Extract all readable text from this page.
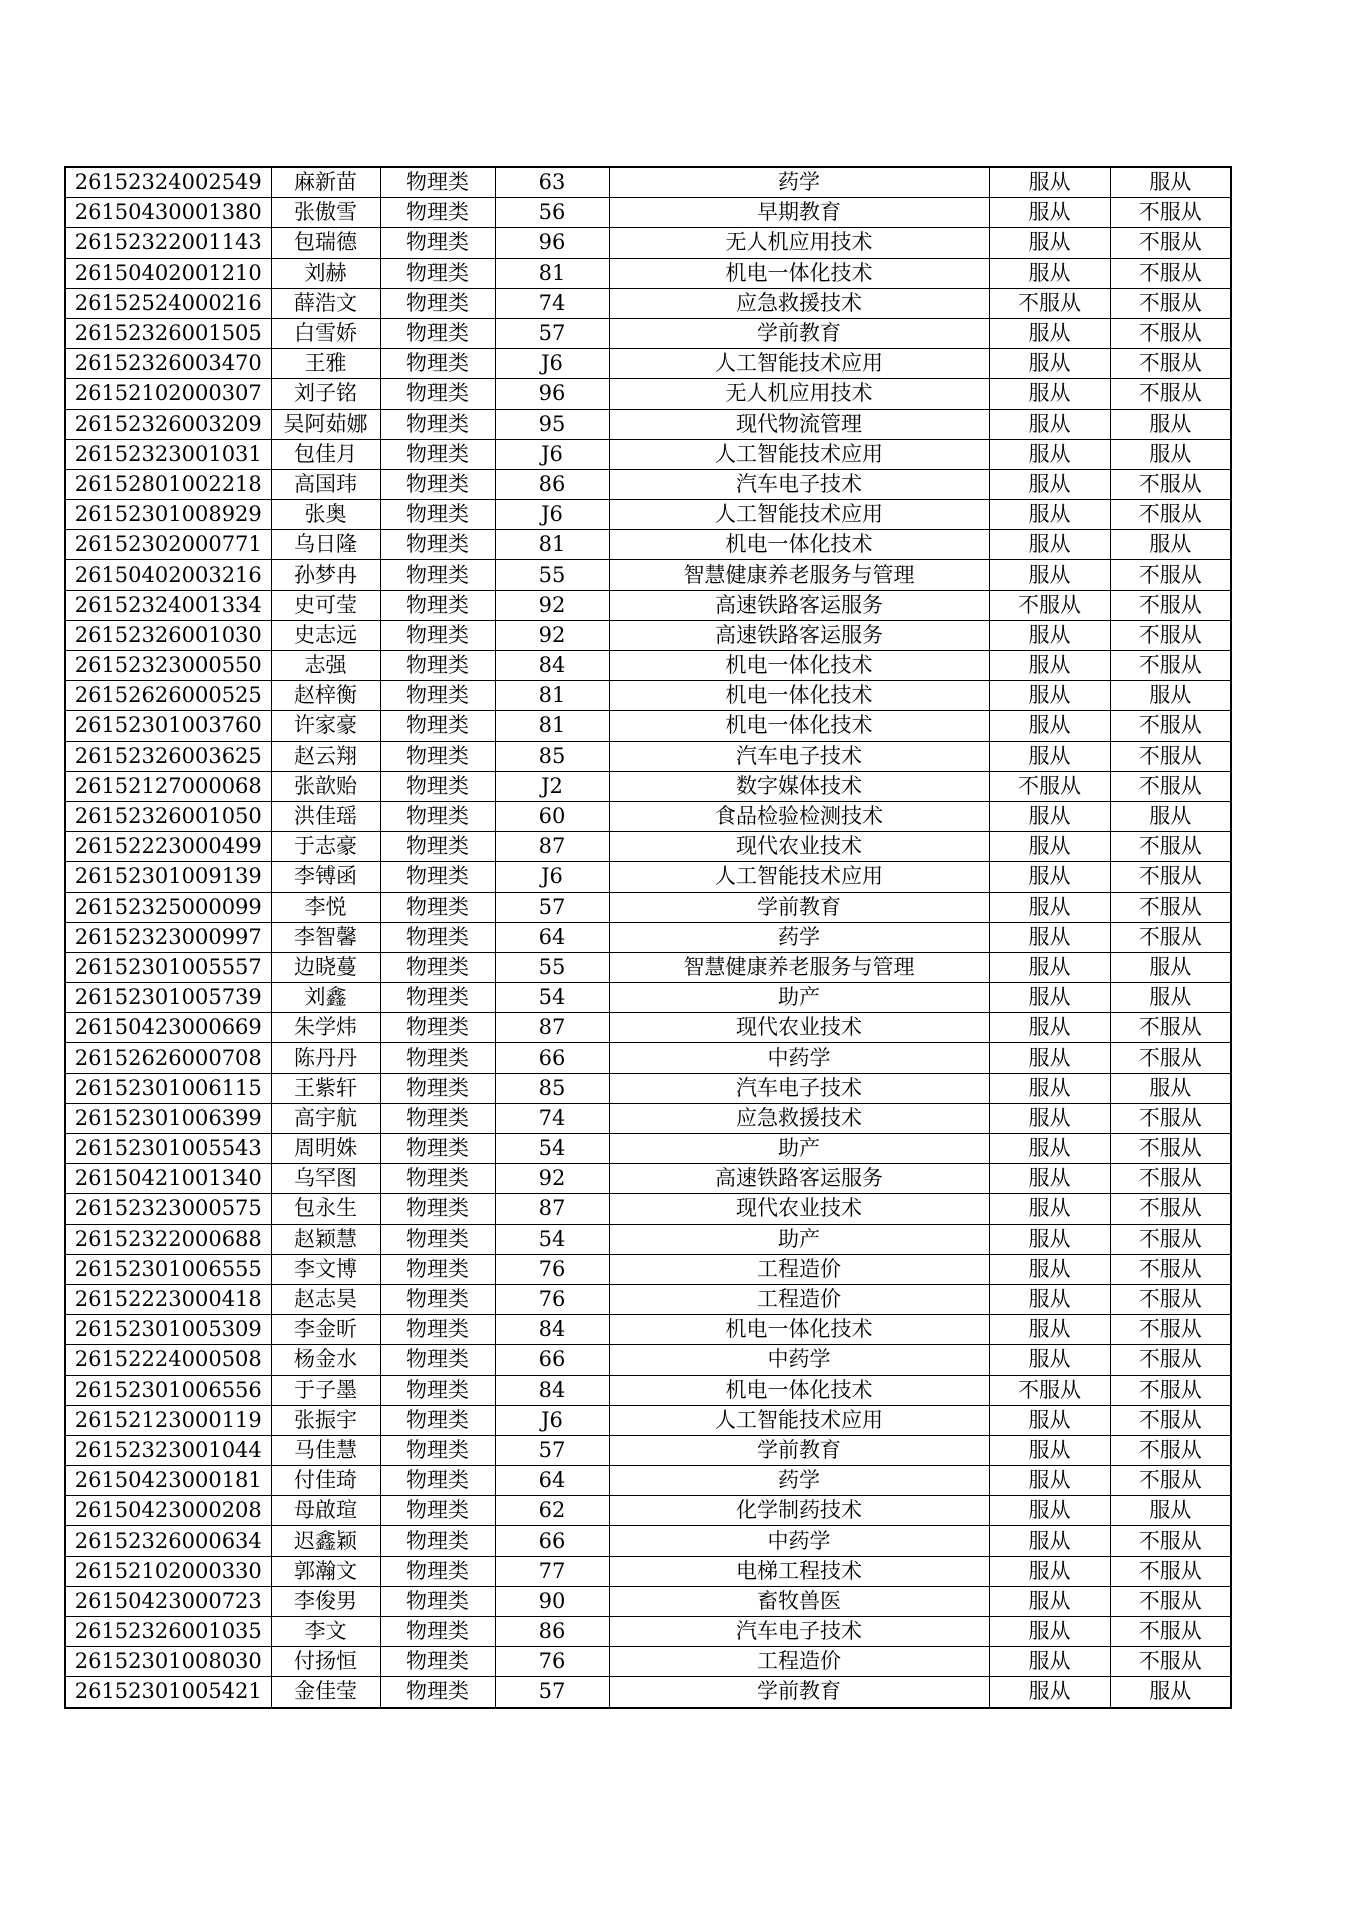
26152324002549	麻新苗	物理类	63	药学	服从	服从
26150430001380	张傲雪	物理类	56	早期教育	服从	不服从
26152322001143	包瑞德	物理类	96	无人机应用技术	服从	不服从
26150402001210	刘赫	物理类	81	机电一体化技术	服从	不服从
26152524000216	薛浩文	物理类	74	应急救援技术	不服从	不服从
26152326001505	白雪娇	物理类	57	学前教育	服从	不服从
26152326003470	王雅	物理类	J6	人工智能技术应用	服从	不服从
26152102000307	刘子铭	物理类	96	无人机应用技术	服从	不服从
26152326003209	吴阿茹娜	物理类	95	现代物流管理	服从	服从
26152323001031	包佳月	物理类	J6	人工智能技术应用	服从	服从
26152801002218	高国玮	物理类	86	汽车电子技术	服从	不服从
26152301008929	张奥	物理类	J6	人工智能技术应用	服从	不服从
26152302000771	乌日隆	物理类	81	机电一体化技术	服从	服从
26150402003216	孙梦冉	物理类	55	智慧健康养老服务与管理	服从	不服从
26152324001334	史可莹	物理类	92	高速铁路客运服务	不服从	不服从
26152326001030	史志远	物理类	92	高速铁路客运服务	服从	不服从
26152323000550	志强	物理类	84	机电一体化技术	服从	不服从
26152626000525	赵梓衡	物理类	81	机电一体化技术	服从	服从
26152301003760	许家豪	物理类	81	机电一体化技术	服从	不服从
26152326003625	赵云翔	物理类	85	汽车电子技术	服从	不服从
26152127000068	张歆贻	物理类	J2	数字媒体技术	不服从	不服从
26152326001050	洪佳瑶	物理类	60	食品检验检测技术	服从	服从
26152223000499	于志豪	物理类	87	现代农业技术	服从	不服从
26152301009139	李镈函	物理类	J6	人工智能技术应用	服从	不服从
26152325000099	李悦	物理类	57	学前教育	服从	不服从
26152323000997	李智馨	物理类	64	药学	服从	不服从
26152301005557	边晓蔓	物理类	55	智慧健康养老服务与管理	服从	服从
26152301005739	刘鑫	物理类	54	助产	服从	服从
26150423000669	朱学炜	物理类	87	现代农业技术	服从	不服从
26152626000708	陈丹丹	物理类	66	中药学	服从	不服从
26152301006115	王紫轩	物理类	85	汽车电子技术	服从	服从
26152301006399	高宇航	物理类	74	应急救援技术	服从	不服从
26152301005543	周明姝	物理类	54	助产	服从	不服从
26150421001340	乌罕图	物理类	92	高速铁路客运服务	服从	不服从
26152323000575	包永生	物理类	87	现代农业技术	服从	不服从
26152322000688	赵颖慧	物理类	54	助产	服从	不服从
26152301006555	李文博	物理类	76	工程造价	服从	不服从
26152223000418	赵志昊	物理类	76	工程造价	服从	不服从
26152301005309	李金昕	物理类	84	机电一体化技术	服从	不服从
26152224000508	杨金水	物理类	66	中药学	服从	不服从
26152301006556	于子墨	物理类	84	机电一体化技术	不服从	不服从
26152123000119	张振宇	物理类	J6	人工智能技术应用	服从	不服从
26152323001044	马佳慧	物理类	57	学前教育	服从	不服从
26150423000181	付佳琦	物理类	64	药学	服从	不服从
26150423000208	母啟瑄	物理类	62	化学制药技术	服从	服从
26152326000634	迟鑫颖	物理类	66	中药学	服从	不服从
26152102000330	郭瀚文	物理类	77	电梯工程技术	服从	不服从
26150423000723	李俊男	物理类	90	畜牧兽医	服从	不服从
26152326001035	李文	物理类	86	汽车电子技术	服从	不服从
26152301008030	付扬恒	物理类	76	工程造价	服从	不服从
26152301005421	金佳莹	物理类	57	学前教育	服从	服从
